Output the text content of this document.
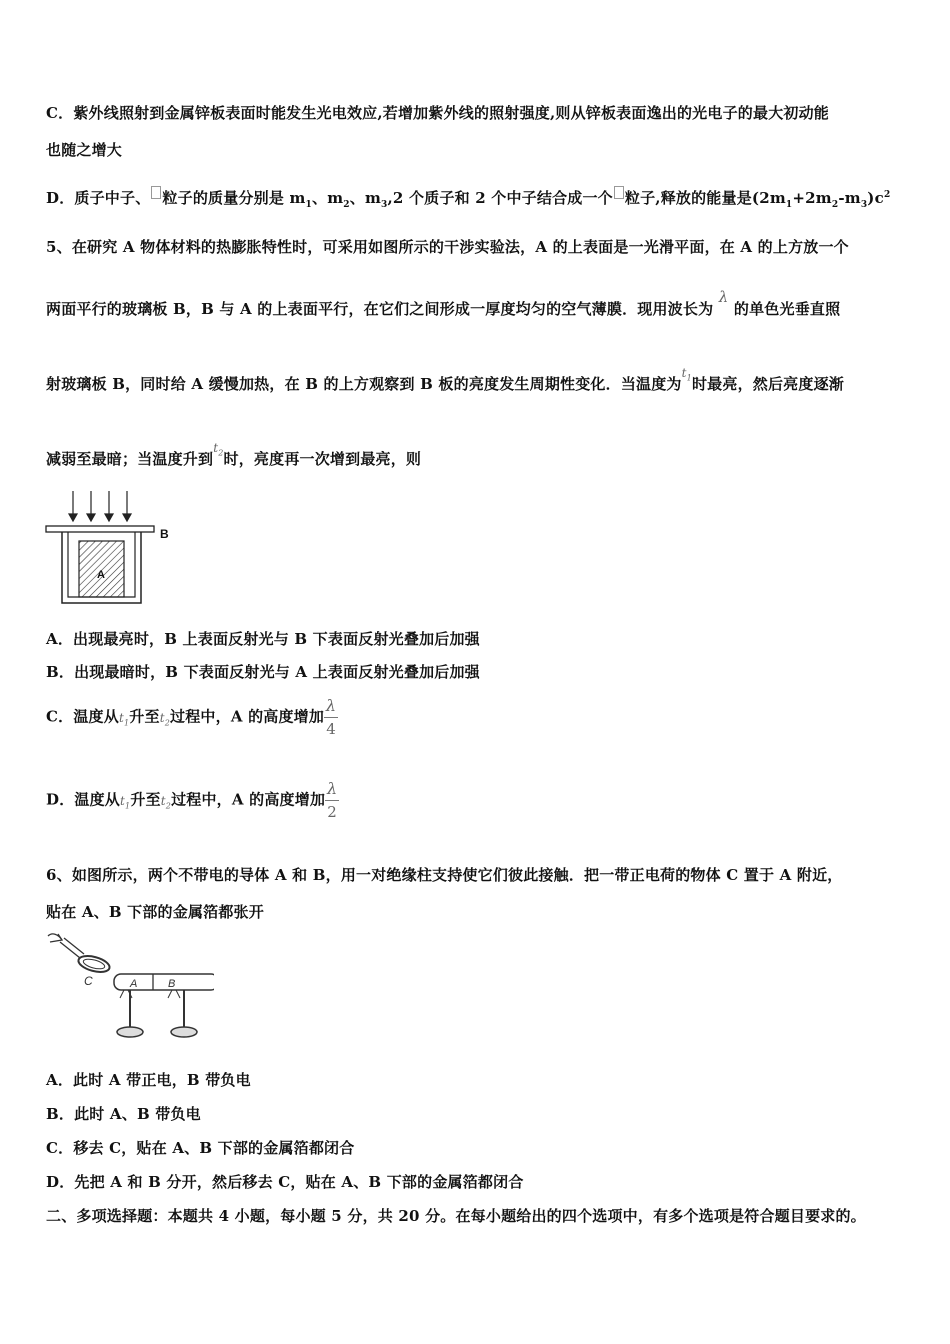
C．紫外线照射到金属锌板表面时能发生光电效应,若增加紫外线的照射强度,则从锌板表面逸出的光电子的最大初动能
也随之增大
D．质子中子、 粒子的质量分别是 $m_1$、$m_2$、$m_3,2$ 个质子和 2 个中子结合成一个 粒子,释放的能量是$(2m_1+2m_2-m_3)c^2$
5、在研究 A 物体材料的热膨胀特性时，可采用如图所示的干涉实验法，A 的上表面是一光滑平面，在 A 的上方放一个
两面平行的玻璃板 B，B 与 A 的上表面平行，在它们之间形成一厚度均匀的空气薄膜．现用波长为 λ 的单色光垂直照
射玻璃板 B，同时给 A 缓慢加热，在 B 的上方观察到 B 板的亮度发生周期性变化．当温度为$^{t_1}$时最亮，然后亮度逐渐
减弱至最暗；当温度升到$^{t_2}$时，亮度再一次增到最亮，则
B
A
A．出现最亮时，B 上表面反射光与 B 下表面反射光叠加后加强
B．出现最暗时，B 下表面反射光与 A 上表面反射光叠加后加强
C．温度从$t_1$升至$t_2$过程中，A 的高度增加 $\frac{\lambda}{4}$
D．温度从$t_1$升至$t_2$过程中，A 的高度增加 $\frac{\lambda}{2}$
6、如图所示，两个不带电的导体 A 和 B，用一对绝缘柱支持使它们彼此接触．把一带正电荷的物体 C 置于 A 附近，
贴在 A、B 下部的金属箔都张开
C	A	B
A．此时 A 带正电，B 带负电
B．此时 A、B 带负电
C．移去 C，贴在 A、B 下部的金属箔都闭合
D．先把 A 和 B 分开，然后移去 C，贴在 A、B 下部的金属箔都闭合
二、多项选择题：本题共 4 小题，每小题 5 分，共 20 分。在每小题给出的四个选项中，有多个选项是符合题目要求的。
